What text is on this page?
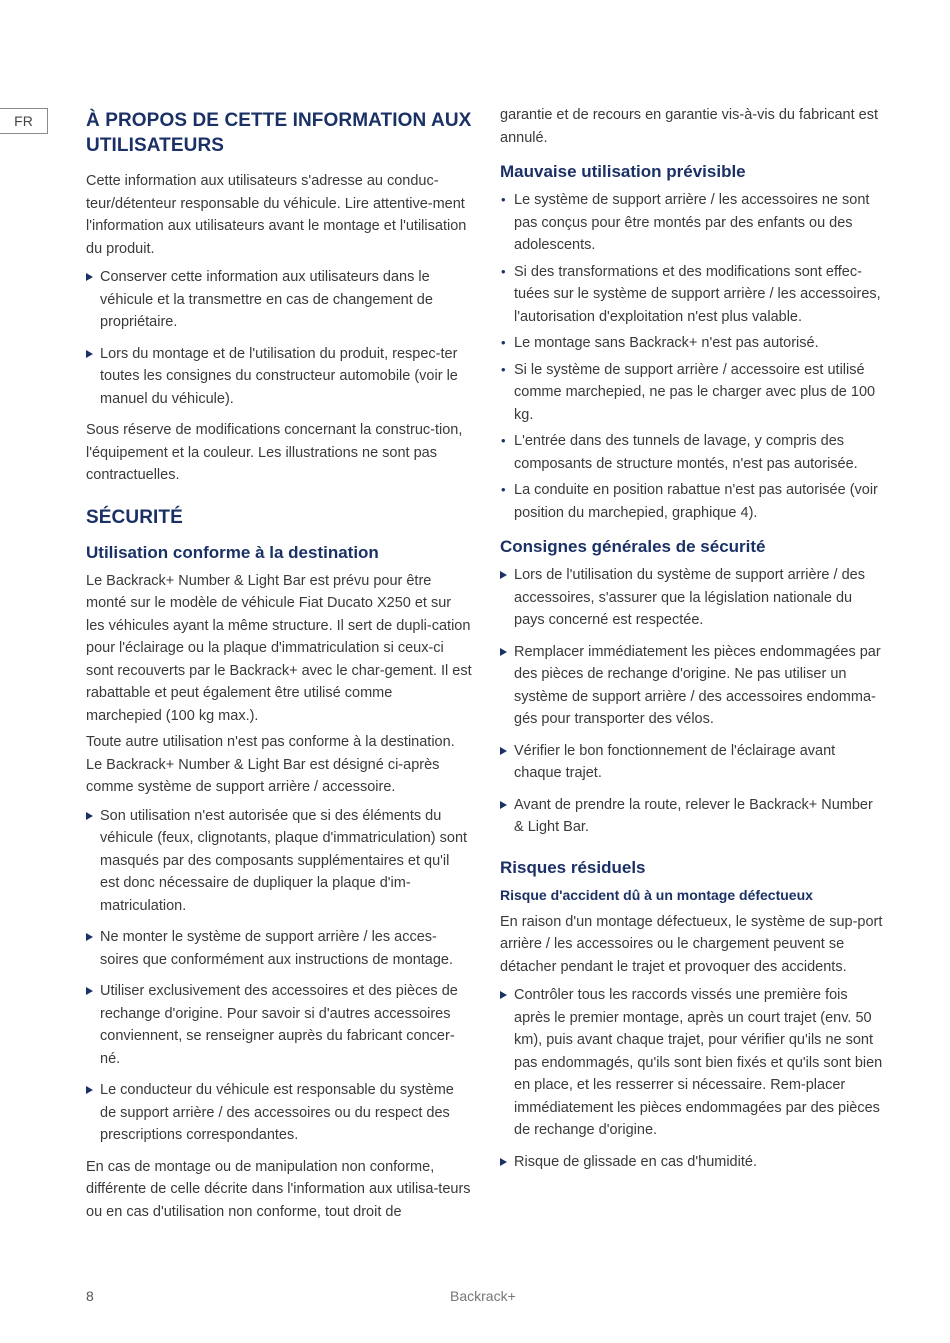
FR	À PROPOS DE CETTE INFORMATION AUX UTILISATEURS

Cette information aux utilisateurs s'adresse au conduc-teur/détenteur responsable du véhicule. Lire attentive-ment l'information aux utilisateurs avant le montage et l'utilisation du produit.

Conserver cette information aux utilisateurs dans le véhicule et la transmettre en cas de changement de propriétaire.
Lors du montage et de l'utilisation du produit, respec-ter toutes les consignes du constructeur automobile (voir le manuel du véhicule).

Sous réserve de modifications concernant la construc-tion, l'équipement et la couleur. Les illustrations ne sont pas contractuelles.

SÉCURITÉ
Utilisation conforme à la destination

Le Backrack+ Number & Light Bar est prévu pour être monté sur le modèle de véhicule Fiat Ducato X250 et sur les véhicules ayant la même structure. Il sert de dupli-cation pour l'éclairage ou la plaque d'immatriculation si ceux-ci sont recouverts par le Backrack+ avec le char-gement. Il est rabattable et peut également être utilisé comme marchepied (100 kg max.).

Toute autre utilisation n'est pas conforme à la destination. Le Backrack+ Number & Light Bar est désigné ci-après comme système de support arrière / accessoire.

Son utilisation n'est autorisée que si des éléments du véhicule (feux, clignotants, plaque d'immatriculation) sont masqués par des composants supplémentaires et qu'il est donc nécessaire de dupliquer la plaque d'im-matriculation.
Ne monter le système de support arrière / les acces-soires que conformément aux instructions de montage.
Utiliser exclusivement des accessoires et des pièces de rechange d'origine. Pour savoir si d'autres accessoires conviennent, se renseigner auprès du fabricant concer-né.
Le conducteur du véhicule est responsable du système de support arrière / des accessoires ou du respect des prescriptions correspondantes.

En cas de montage ou de manipulation non conforme, différente de celle décrite dans l'information aux utilisa-teurs ou en cas d'utilisation non conforme, tout droit de

garantie et de recours en garantie vis-à-vis du fabricant est annulé.

Mauvaise utilisation prévisible
• Le système de support arrière / les accessoires ne sont pas conçus pour être montés par des enfants ou des adolescents.
• Si des transformations et des modifications sont effec-tuées sur le système de support arrière / les accessoires, l'autorisation d'exploitation n'est plus valable.
• Le montage sans Backrack+ n'est pas autorisé.
• Si le système de support arrière / accessoire est utilisé comme marchepied, ne pas le charger avec plus de 100 kg.
• L'entrée dans des tunnels de lavage, y compris des composants de structure montés, n'est pas autorisée.
• La conduite en position rabattue n'est pas autorisée (voir position du marchepied, graphique 4).
Consignes générales de sécurité
Lors de l'utilisation du système de support arrière / des accessoires, s'assurer que la législation nationale du pays concerné est respectée.
Remplacer immédiatement les pièces endommagées par des pièces de rechange d'origine. Ne pas utiliser un système de support arrière / des accessoires endomma-gés pour transporter des vélos.
Vérifier le bon fonctionnement de l'éclairage avant chaque trajet.
Avant de prendre la route, relever le Backrack+ Number & Light Bar.
Risques résiduels
Risque d'accident dû à un montage défectueux

En raison d'un montage défectueux, le système de sup-port arrière / les accessoires ou le chargement peuvent se détacher pendant le trajet et provoquer des accidents.

Contrôler tous les raccords vissés une première fois après le premier montage, après un court trajet (env. 50 km), puis avant chaque trajet, pour vérifier qu'ils ne sont pas endommagés, qu'ils sont bien fixés et qu'ils sont bien en place, et les resserrer si nécessaire. Rem-placer immédiatement les pièces endommagées par des pièces de rechange d'origine.
Risque de glissade en cas d'humidité.
8	Backrack+
